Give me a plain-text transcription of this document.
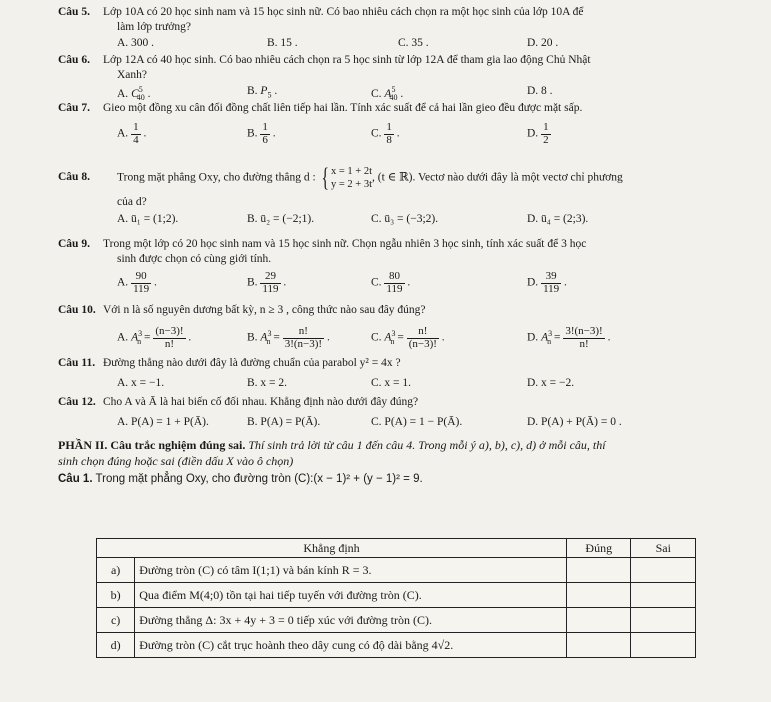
Câu 5. Lớp 10A có 20 học sinh nam và 15 học sinh nữ. Có bao nhiêu cách chọn ra một học sinh của lớp 10A để
làm lớp trưởng?
A. 300 .	B. 15 .	C. 35 .	D. 20 .
Câu 6. Lớp 12A có 40 học sinh. Có bao nhiêu cách chọn ra 5 học sinh từ lớp 12A để tham gia lao động Chủ Nhật
Xanh?
A. $C^5_{40}$ .	B. $P_5$ .	C. $A^5_{40}$ .	D. 8 .
Câu 7. Gieo một đồng xu cân đối đồng chất liên tiếp hai lần. Tính xác suất để cả hai lần gieo đều được mặt sấp.
A. $\frac{1}{4}$ .	B. $\frac{1}{6}$ .	C. $\frac{1}{8}$ .	D. $\frac{1}{2}$
Câu 8. Trong mặt phẳng Oxy, cho đường thẳng d : { x = 1 + 2t
y = 2 + 3t, (t ∈ ℝ). Vectơ nào dưới đây là một vectơ chỉ phương
của d?
A. ū₁ = (1;2).	B. ū₂ = (−2;1).	C. ū₃ = (−3;2).	D. ū₄ = (2;3).
Câu 9. Trong một lớp có 20 học sinh nam và 15 học sinh nữ. Chọn ngẫu nhiên 3 học sinh, tính xác suất để 3 học
sinh được chọn có cùng giới tính.
A. $\frac{90}{119}$ .	B. $\frac{29}{119}$ .	C. $\frac{80}{119}$ .	D. $\frac{39}{119}$ .
Câu 10. Với n là số nguyên dương bất kỳ, n ≥ 3 , công thức nào sau đây đúng?
A. $A^3_n = \frac{(n-3)!}{n!}$ .	B. $A^3_n = \frac{n!}{3!(n-3)!}$ .	C. $A^3_n = \frac{n!}{(n-3)!}$ .	D. $A^3_n = \frac{3!(n-3)!}{n!}$ .
Câu 11. Đường thẳng nào dưới đây là đường chuẩn của parabol y² = 4x ?
A. x = −1.	B. x = 2.	C. x = 1.	D. x = −2.
Câu 12. Cho A và Ā là hai biến cố đối nhau. Khẳng định nào dưới đây đúng?
A. P(A) = 1 + P(Ā).	B. P(A) = P(Ā).	C. P(A) = 1 − P(Ā).	D. P(A) + P(Ā) = 0 .
PHẦN II. Câu trắc nghiệm đúng sai. Thí sinh trả lời từ câu 1 đến câu 4. Trong mỗi ý a), b), c), d) ở mỗi câu, thí
sinh chọn đúng hoặc sai (điền dấu X vào ô chọn)
Câu 1. Trong mặt phẳng Oxy, cho đường tròn (C):(x − 1)² + (y − 1)² = 9.
Khẳng định		Đúng	Sai
a)	Đường tròn (C) có tâm I(1;1) và bán kính R = 3.		
b)	Qua điểm M(4;0) tồn tại hai tiếp tuyến với đường tròn (C).		
c)	Đường thẳng Δ: 3x + 4y + 3 = 0 tiếp xúc với đường tròn (C).		
d)	Đường tròn (C) cắt trục hoành theo dây cung có độ dài bằng 4√2.		
